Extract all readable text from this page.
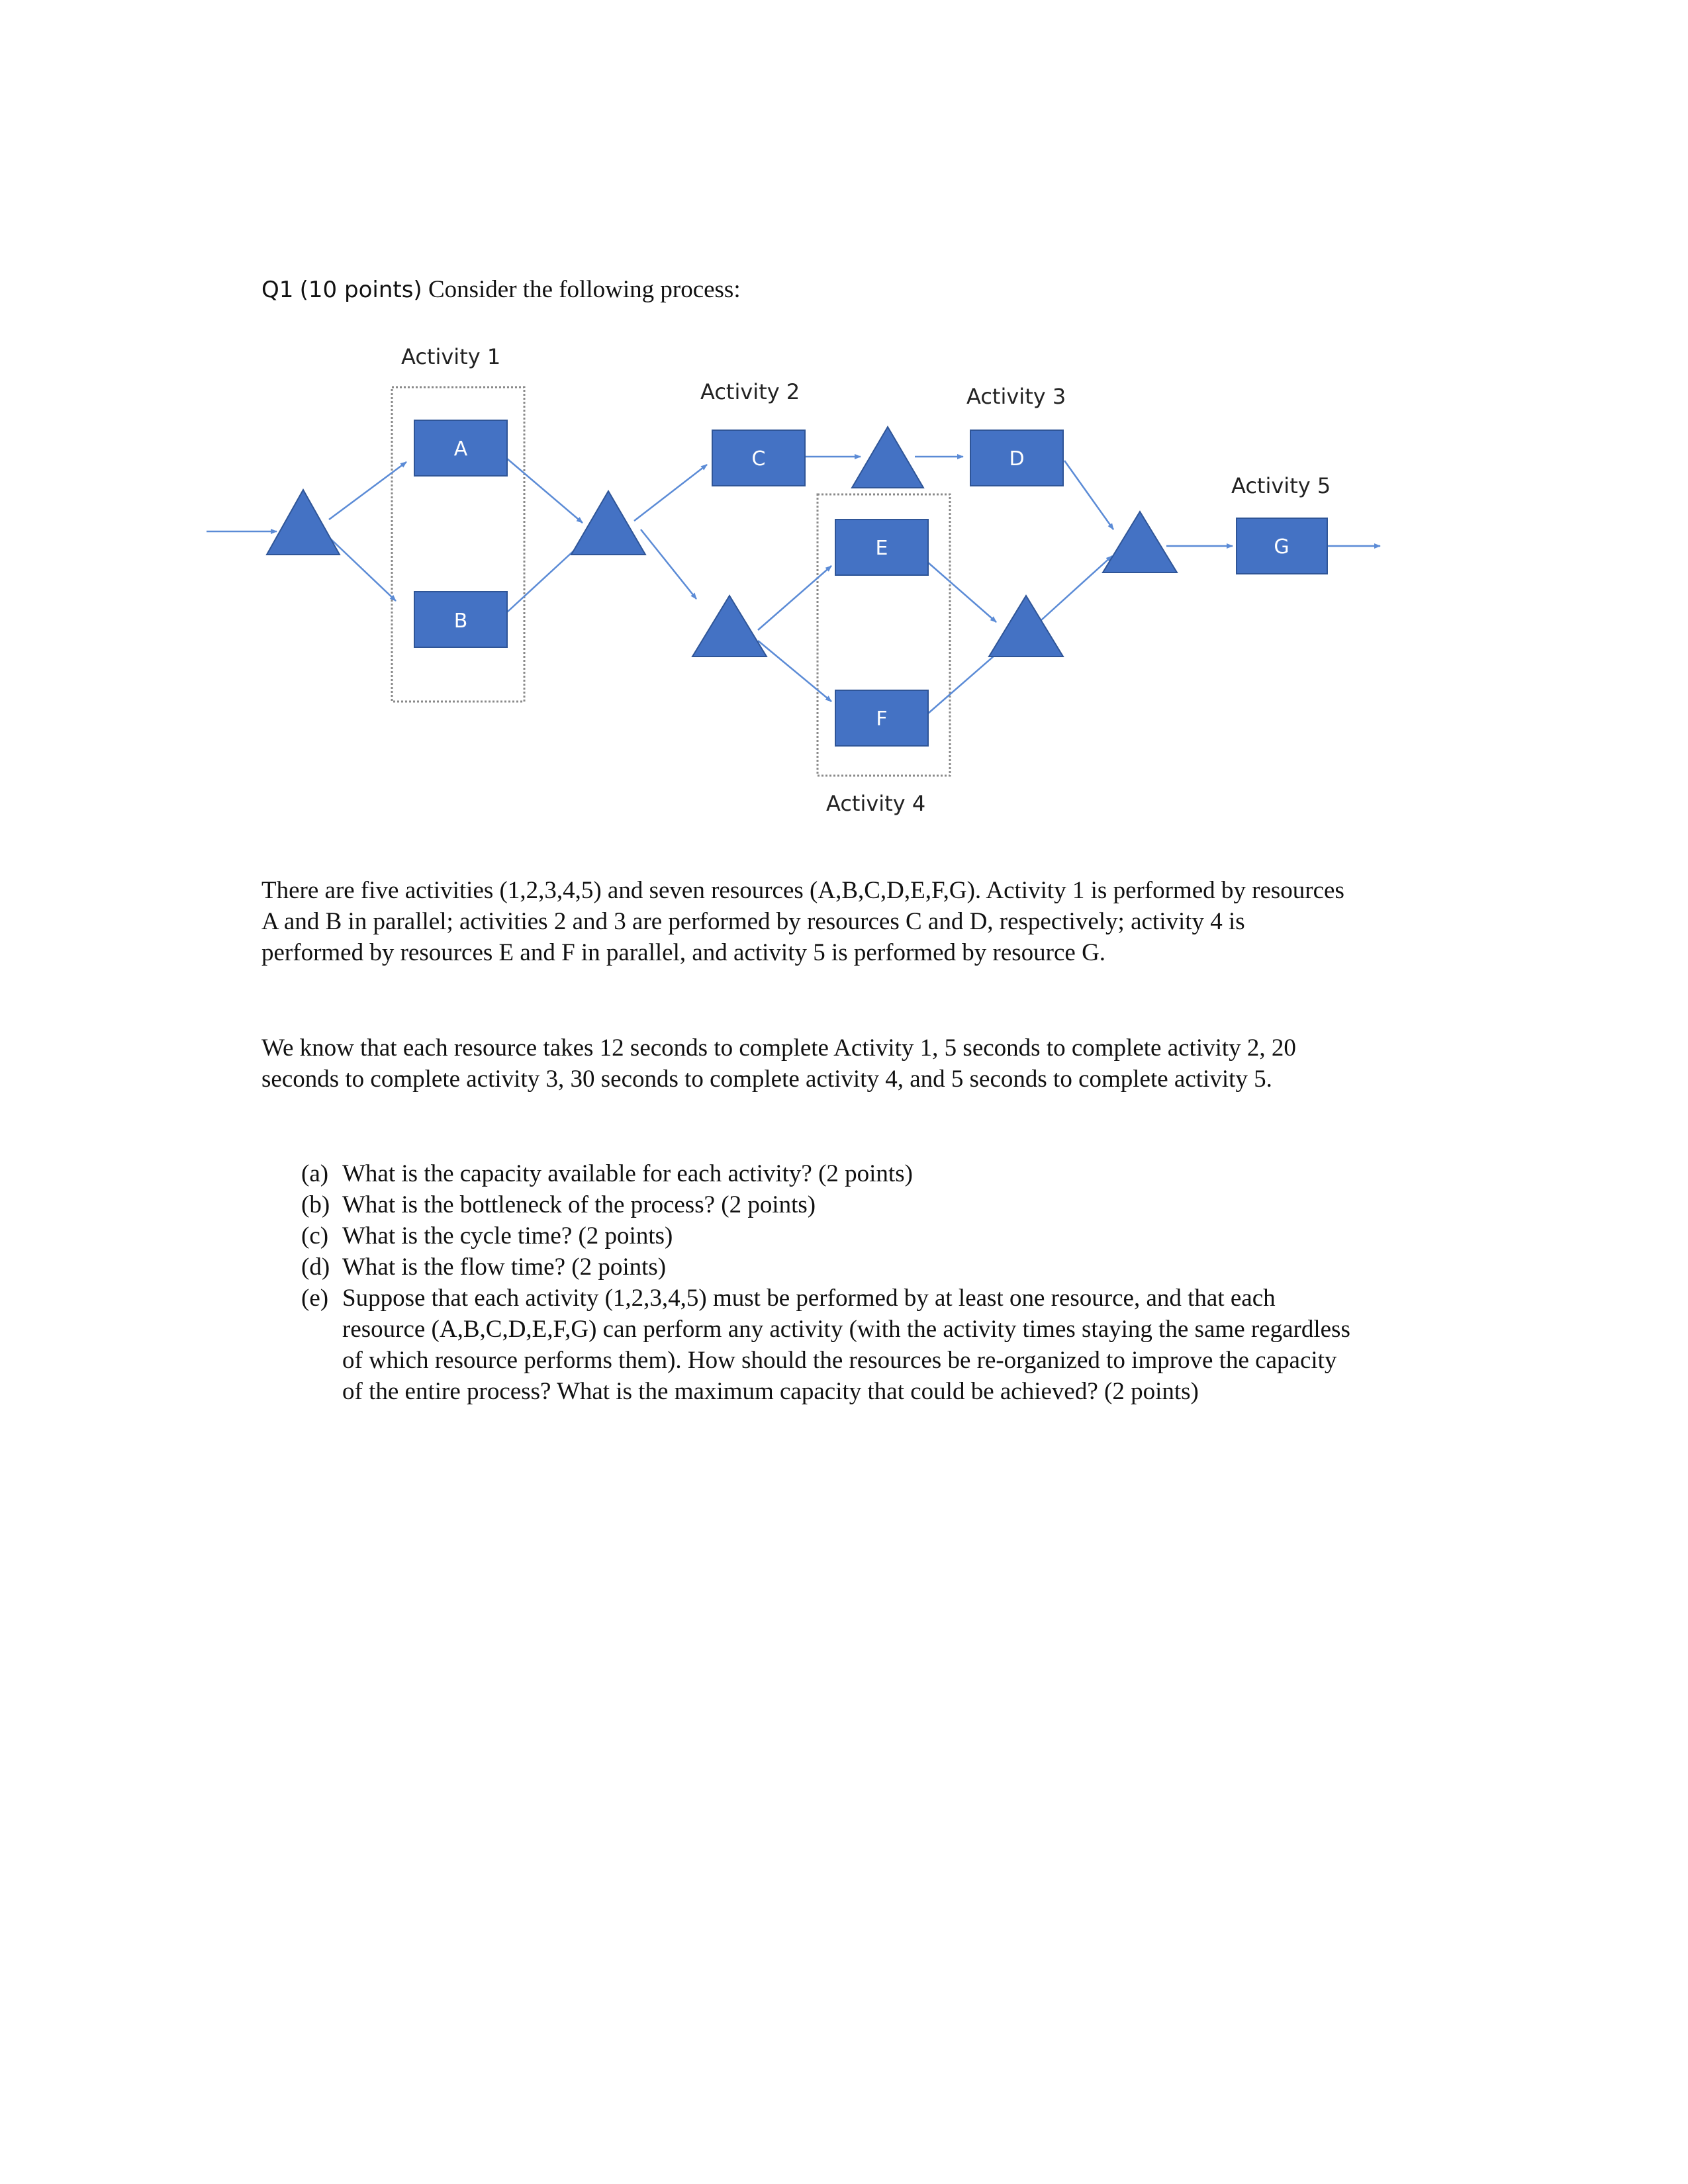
Q1 (10 points) Consider the following process:
A
B
C	D
E
F
G
Activity 1
Activity 2	Activity 3
Activity 4
Activity 5

There are five activities (1,2,3,4,5) and seven resources (A,B,C,D,E,F,G). Activity 1 is performed by resources A and B in parallel; activities 2 and 3 are performed by resources C and D, respectively; activity 4 is performed by resources E and F in parallel, and activity 5 is performed by resource G.

We know that each resource takes 12 seconds to complete Activity 1, 5 seconds to complete activity 2, 20 seconds to complete activity 3, 30 seconds to complete activity 4, and 5 seconds to complete activity 5.

(a) What is the capacity available for each activity? (2 points)
(b) What is the bottleneck of the process? (2 points)
(c) What is the cycle time? (2 points)
(d) What is the flow time? (2 points)
(e) Suppose that each activity (1,2,3,4,5) must be performed by at least one resource, and that each resource (A,B,C,D,E,F,G) can perform any activity (with the activity times staying the same regardless of which resource performs them). How should the resources be re-organized to improve the capacity of the entire process? What is the maximum capacity that could be achieved? (2 points)
